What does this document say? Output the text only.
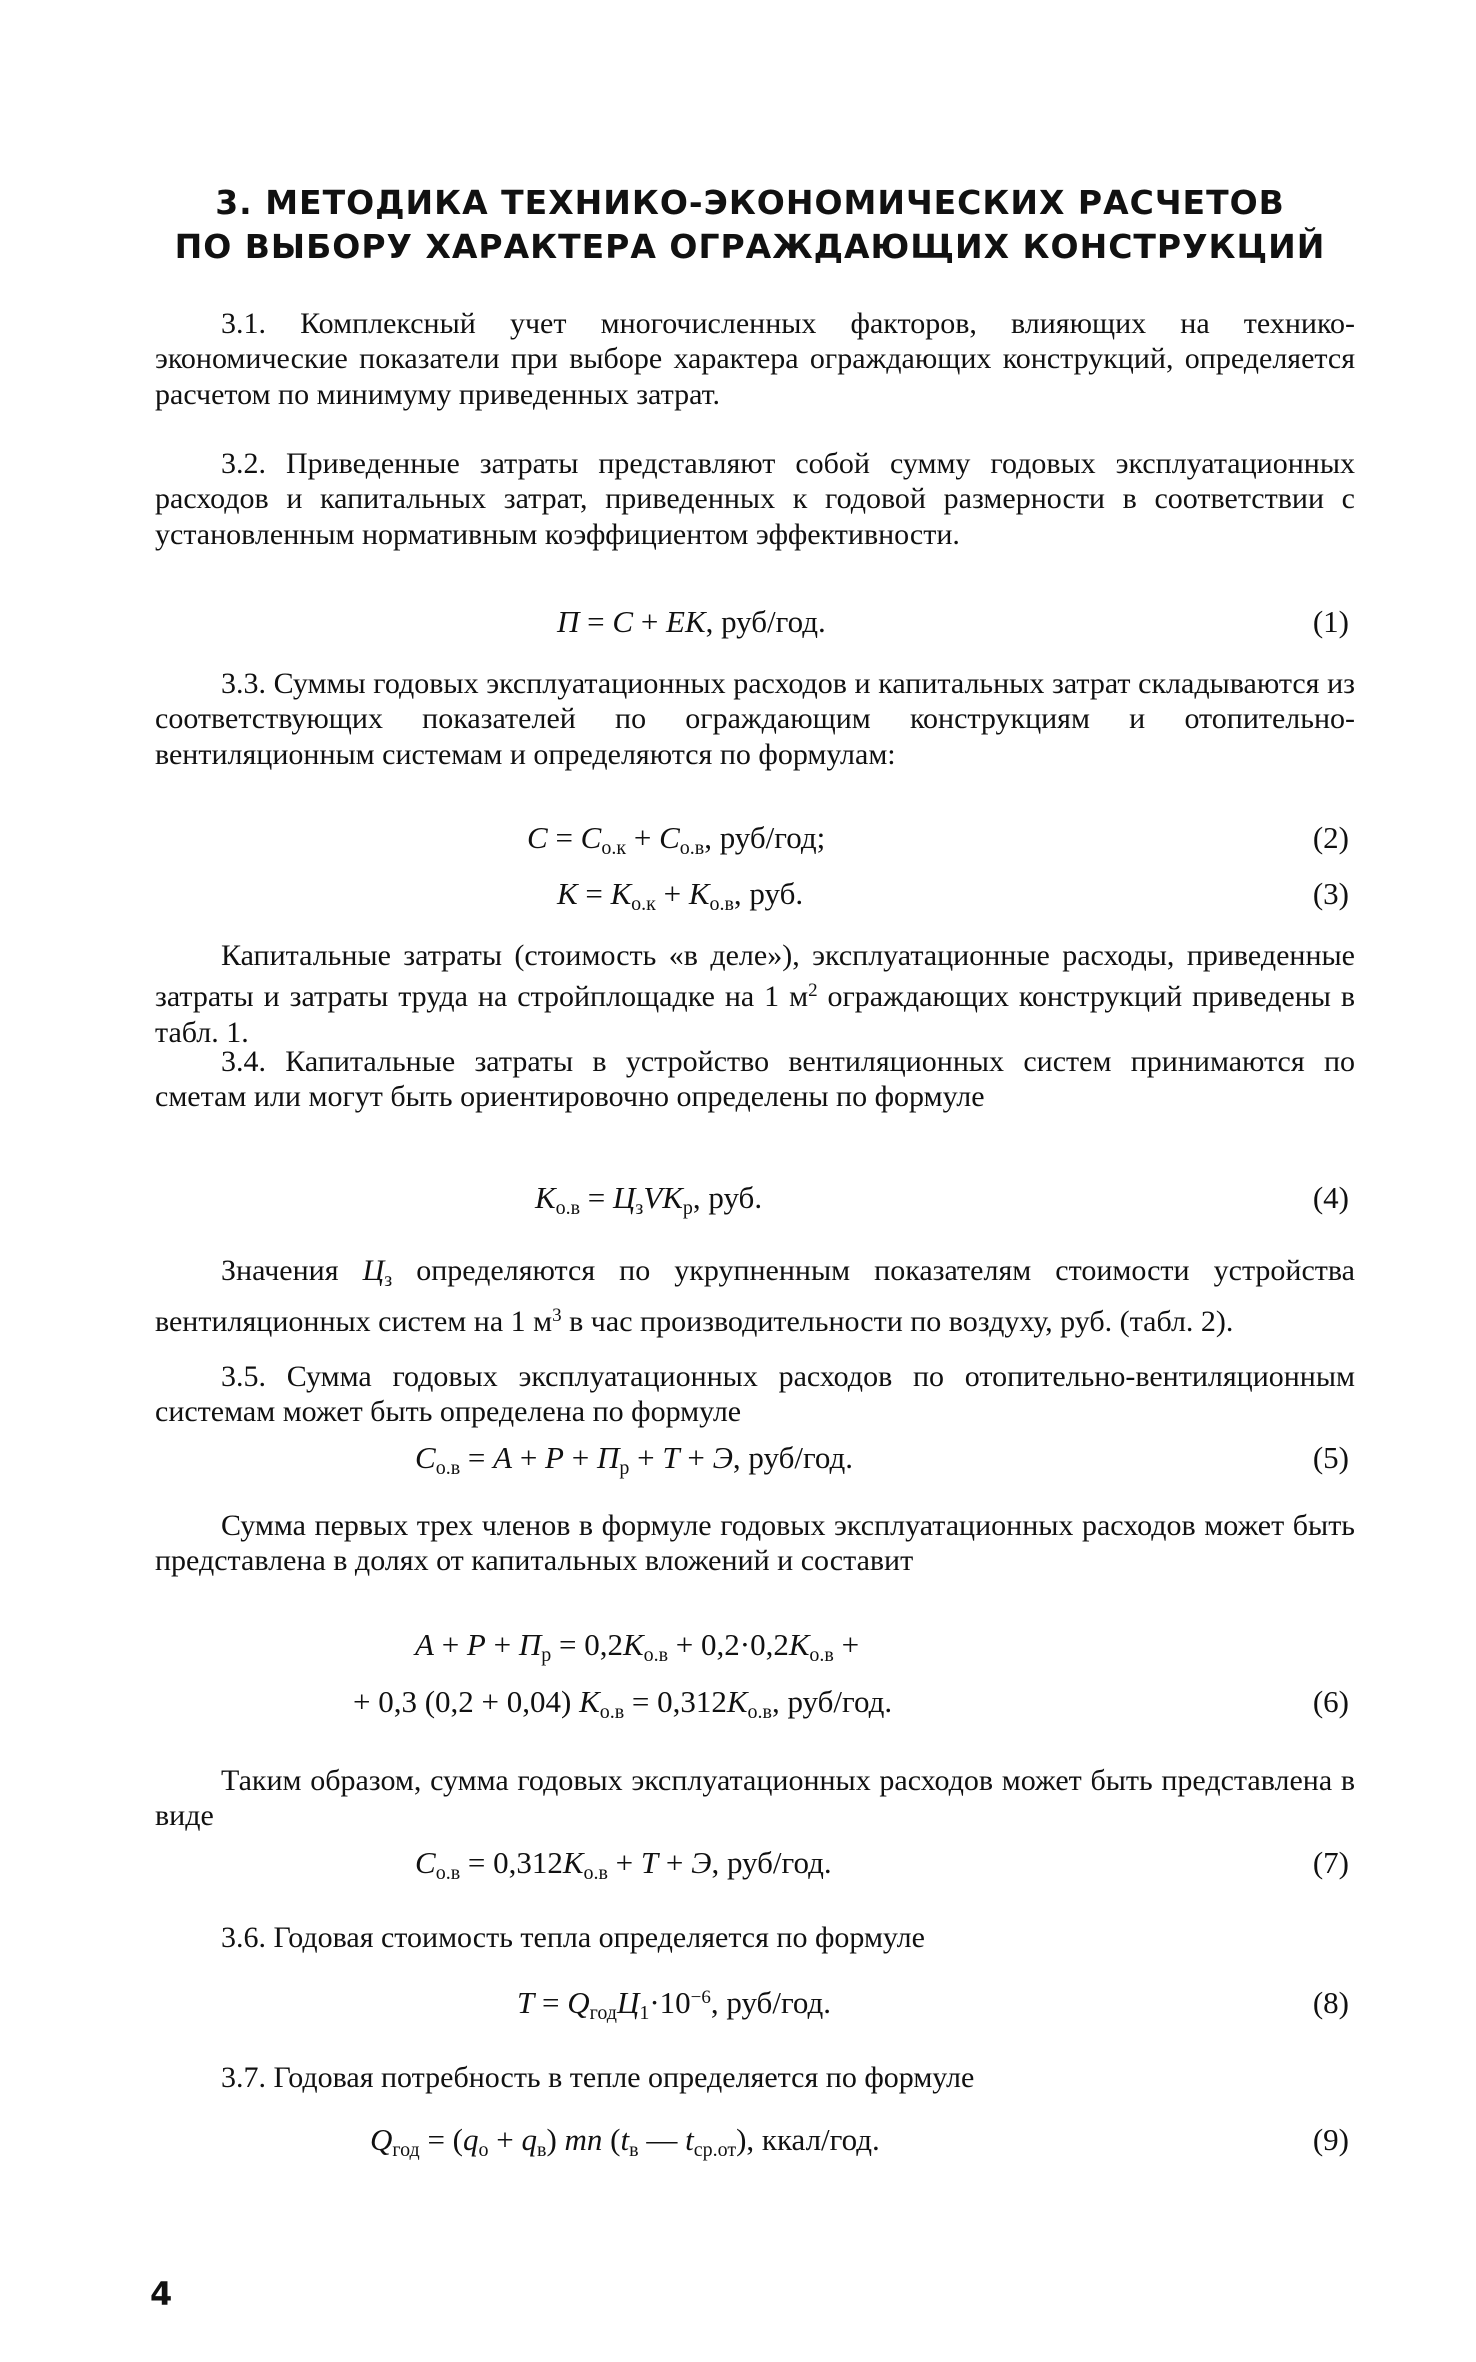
3. МЕТОДИКА ТЕХНИКО-ЭКОНОМИЧЕСКИХ РАСЧЕТОВ
ПО ВЫБОРУ ХАРАКТЕРА ОГРАЖДАЮЩИХ КОНСТРУКЦИЙ
3.1. Комплексный учет многочисленных факторов, влияющих на технико-экономические показатели при выборе характера ограждающих конструкций, определяется расчетом по минимуму приведенных затрат.
3.2. Приведенные затраты представляют собой сумму годовых эксплуатационных расходов и капитальных затрат, приведенных к годовой размерности в соответствии с установленным нормативным коэффициентом эффективности.
П = С + ЕК, руб/год.	(1)
3.3. Суммы годовых эксплуатационных расходов и капитальных затрат складываются из соответствующих показателей по ограждающим конструкциям и отопительно-вентиляционным системам и определяются по формулам:
$С = С_{о.к} + С_{о.в}$, руб/год;	(2)
$К = К_{о.к} + К_{о.в}$, руб.	(3)
Капитальные затраты (стоимость «в деле»), эксплуатационные расходы, приведенные затраты и затраты труда на стройплощадке на 1 $м^2$ ограждающих конструкций приведены в табл. 1.
3.4. Капитальные затраты в устройство вентиляционных систем принимаются по сметам или могут быть ориентировочно определены по формуле
$К_{о.в} = Ц_зVК_р$, руб.	(4)
Значения $Ц_з$ определяются по укрупненным показателям стоимости устройства вентиляционных систем на 1 $м^3$ в час производительности по воздуху, руб. (табл. 2).
3.5. Сумма годовых эксплуатационных расходов по отопительно-вентиляционным системам может быть определена по формуле
$С_{о.в} = А + Р + П_р + Т + Э$, руб/год.	(5)
Сумма первых трех членов в формуле годовых эксплуатационных расходов может быть представлена в долях от капитальных вложений и составит
$А + Р + П_р = 0,2К_{о.в} + 0,2\cdot 0,2К_{о.в}$ +
+ 0,3 (0,2 + 0,04) $К_{о.в} = 0,312К_{о.в}$, руб/год.	(6)
Таким образом, сумма годовых эксплуатационных расходов может быть представлена в виде
$С_{о.в} = 0,312К_{о.в} + Т + Э$, руб/год.	(7)
3.6. Годовая стоимость тепла определяется по формуле
$Т = Q_{год}Ц_1\cdot 10^{-6}$, руб/год.	(8)
3.7. Годовая потребность в тепле определяется по формуле
$Q_{год} = (q_о + q_в)$ mn ($t_в$ — $t_{ср.от}$), ккал/год.	(9)
4
